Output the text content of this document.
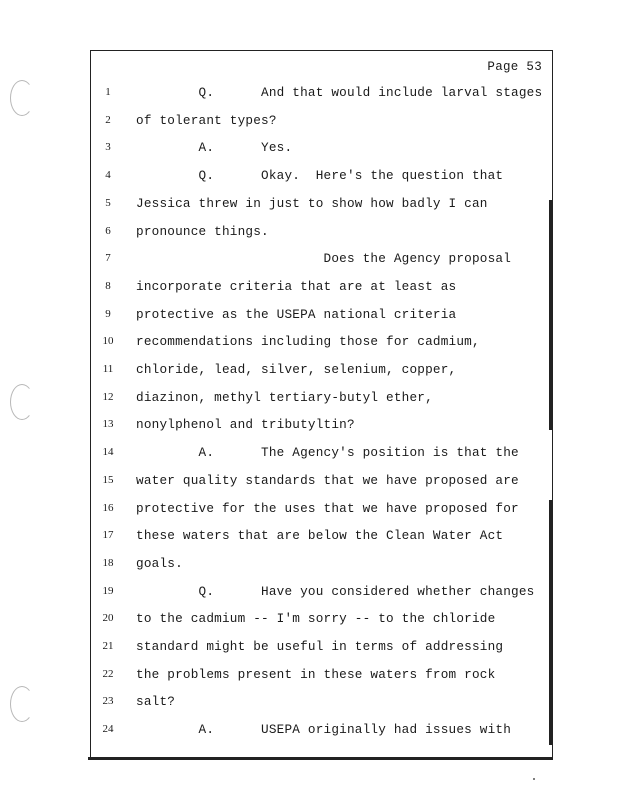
Page 53
1	Q.      And that would include larval stages
2	of tolerant types?
3	A.      Yes.
4	Q.      Okay.  Here's the question that
5	Jessica threw in just to show how badly I can
6	pronounce things.
7	Does the Agency proposal
8	incorporate criteria that are at least as
9	protective as the USEPA national criteria
10	recommendations including those for cadmium,
11	chloride, lead, silver, selenium, copper,
12	diazinon, methyl tertiary-butyl ether,
13	nonylphenol and tributyltin?
14	A.      The Agency's position is that the
15	water quality standards that we have proposed are
16	protective for the uses that we have proposed for
17	these waters that are below the Clean Water Act
18	goals.
19	Q.      Have you considered whether changes
20	to the cadmium -- I'm sorry -- to the chloride
21	standard might be useful in terms of addressing
22	the problems present in these waters from rock
23	salt?
24	A.      USEPA originally had issues with
